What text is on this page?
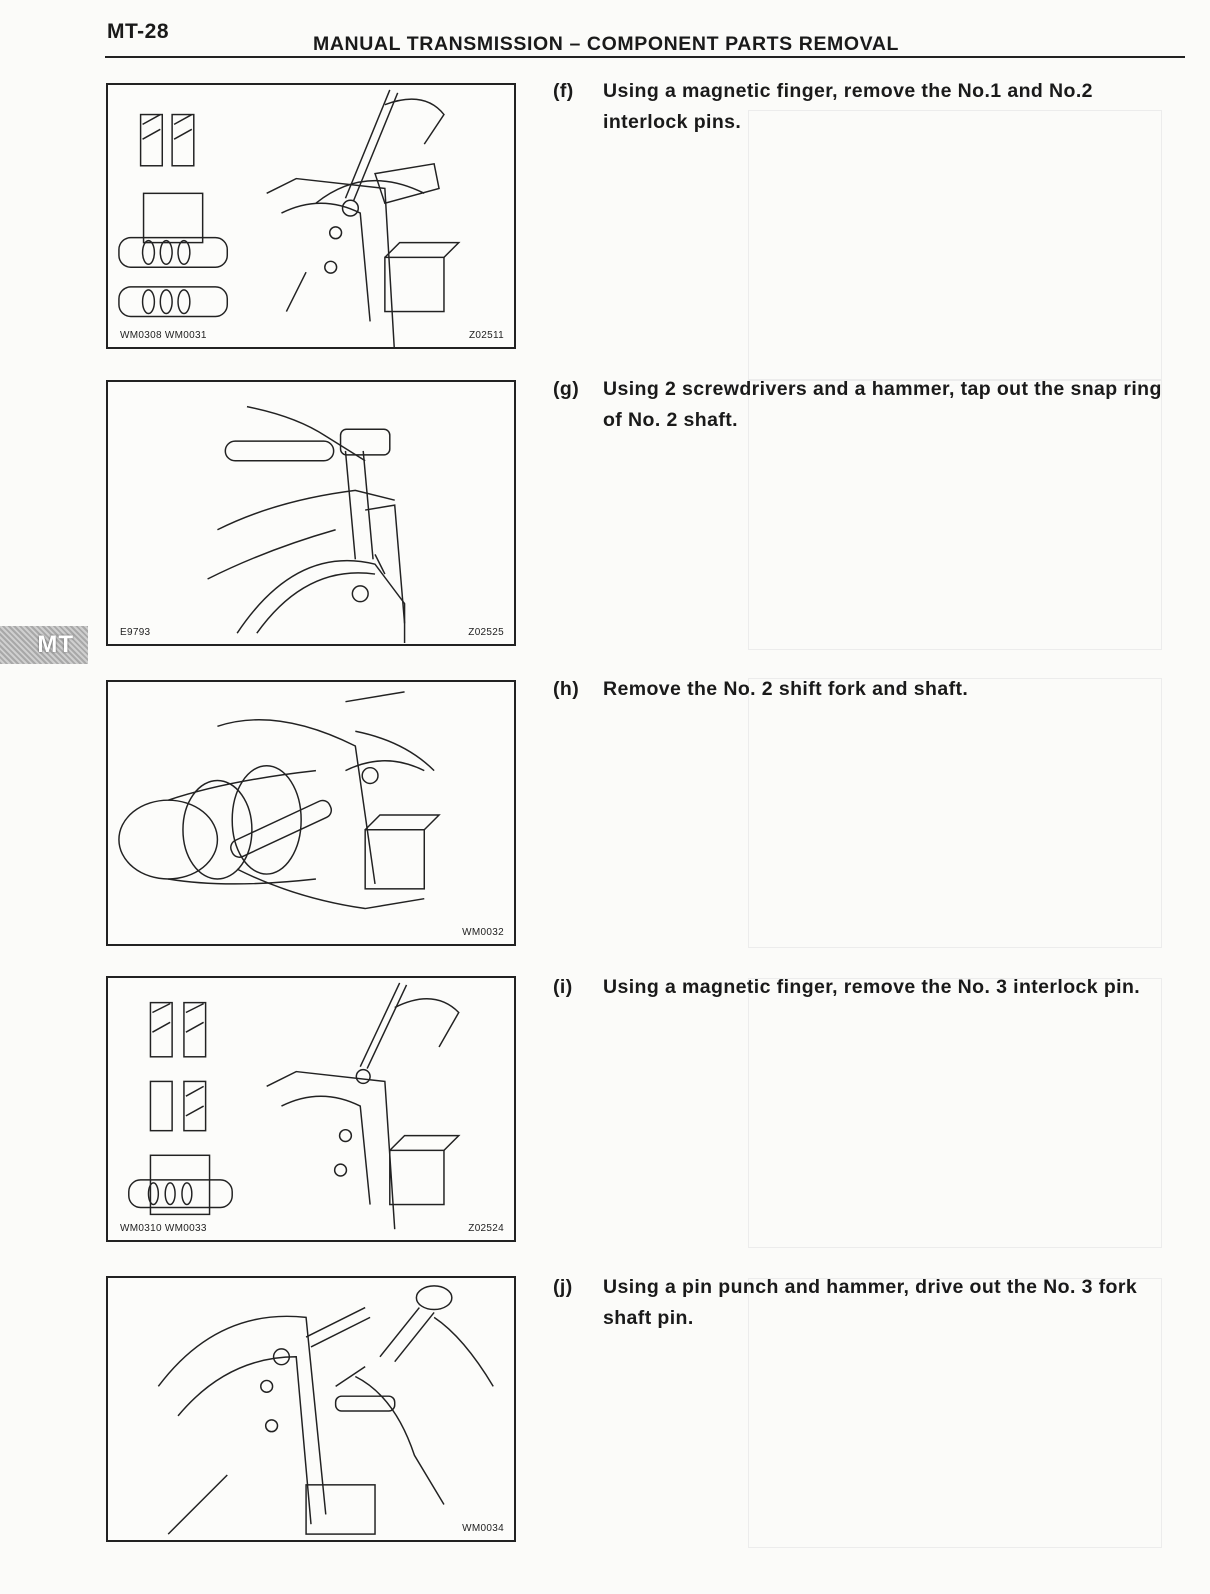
MT-28
MANUAL TRANSMISSION – COMPONENT PARTS REMOVAL
MT
WM0308 WM0031	Z02511
(f)	Using a magnetic finger, remove the No.1 and No.2 interlock pins.
E9793	Z02525
(g)	Using 2 screwdrivers and a hammer, tap out the snap ring of No. 2 shaft.
WM0032
(h)	Remove the No. 2 shift fork and shaft.
WM0310 WM0033	Z02524
(i)	Using a magnetic finger, remove the No. 3 interlock pin.
WM0034
(j)	Using a pin punch and hammer, drive out the No. 3 fork shaft pin.
